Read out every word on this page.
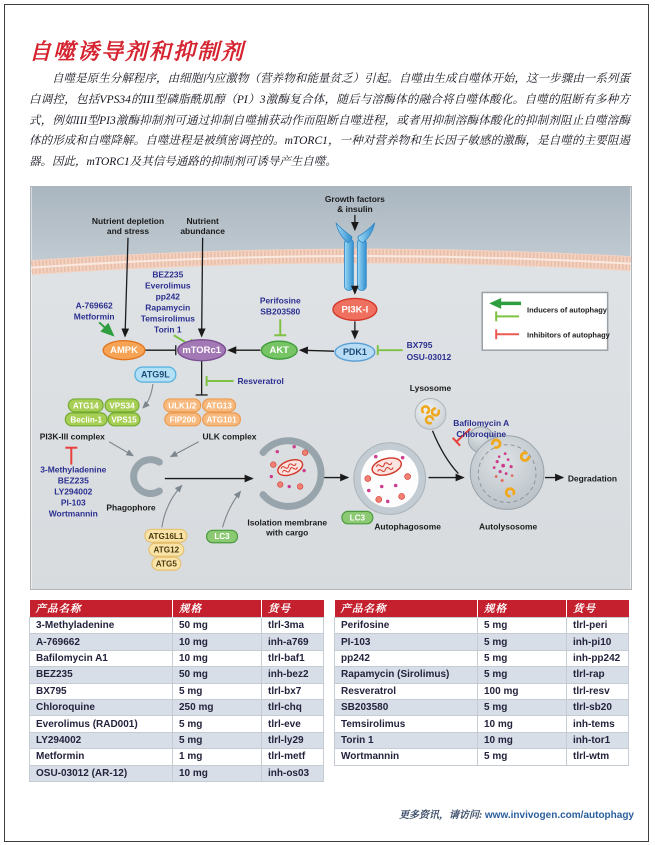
自噬诱导剂和抑制剂

自噬是原生分解程序，由细胞内应激物（营养物和能量贫乏）引起。自噬由生成自噬体开始，这一步骤由一系列蛋白调控，包括VPS34的III型磷脂酰肌醇（PI）3激酶复合体，随后与溶酶体的融合将自噬体酸化。自噬的阻断有多种方式，例如III型PI3激酶抑制剂可通过抑制自噬捕获动作而阻断自噬进程，或者用抑制溶酶体酸化的抑制剂阻止自噬溶酶体的形成和自噬降解。自噬进程是被缜密调控的。mTORC1，一种对营养物和生长因子敏感的激酶，是自噬的主要阻遏器。因此，mTORC1及其信号通路的抑制剂可诱导产生自噬。

Inducers of autophagy
Inhibitors of autophagy
AMPK	mTORc1	AKT
PI3K-I
PDK1
ATG9L
ATG14 VPS34
Beclin-1 VPS15
ULK1/2 ATG13
FIP200 ATG101
ATG16L1
ATG12
ATG5
LC3
LC3
Nutrient depletion
and stress
Nutrient
abundance
Growth factors
& insulin
A-769662
Metformin
BEZ235
Everolimus
pp242
Rapamycin
Temsirolimus
Torin 1
Perifosine
SB203580
BX795
OSU-03012
Resveratrol
3-Methyladenine
BEZ235
LY294002
PI-103
Wortmannin
Bafilomycin A
Chloroquine
PI3K-III complex	ULK complex
Phagophore
Isolation membrane
with cargo
Lysosome
Autophagosome	Autolysosome
Degradation
产品名称	规格	货号
3-Methyladenine	50 mg	tlrl-3ma
A-769662	10 mg	inh-a769
Bafilomycin A1	10 mg	tlrl-baf1
BEZ235	50 mg	inh-bez2
BX795	5 mg	tlrl-bx7
Chloroquine	250 mg	tlrl-chq
Everolimus (RAD001)	5 mg	tlrl-eve
LY294002	5 mg	tlrl-ly29
Metformin	1 mg	tlrl-metf
OSU-03012 (AR-12)	10 mg	inh-os03
产品名称	规格	货号
Perifosine	5 mg	tlrl-peri
PI-103	5 mg	inh-pi10
pp242	5 mg	inh-pp242
Rapamycin (Sirolimus)	5 mg	tlrl-rap
Resveratrol	100 mg	tlrl-resv
SB203580	5 mg	tlrl-sb20
Temsirolimus	10 mg	inh-tems
Torin 1	10 mg	inh-tor1
Wortmannin	5 mg	tlrl-wtm
更多资讯，请访问: www.invivogen.com/autophagy
